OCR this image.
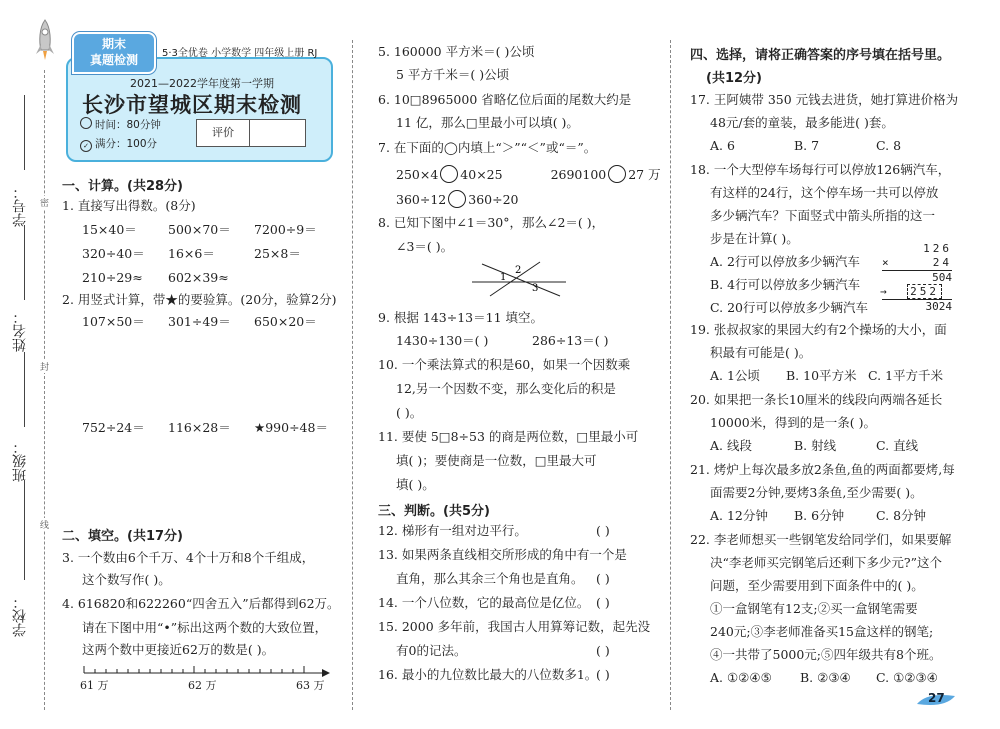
学号：
姓名：
班级：
学校：
密
封
线
期末
真题检测	5·3全优卷 小学数学 四年级上册 RJ
2021—2022学年度第一学期
长沙市望城区期末检测
时间：80分钟
✓ 满分：100分
评价
一、计算。(共28分)
1. 直接写出得数。(8分)
15×40＝ 500×70＝ 7200÷9＝
320÷40＝ 16×6＝	25×8＝
210÷29≈ 602×39≈
2. 用竖式计算，带★的要验算。(20分，验算2分)
107×50＝ 301÷49＝ 650×20＝
752÷24＝ 116×28＝ ★990÷48＝
二、填空。(共17分)
3. 一个数由6个千万、4个十万和8个千组成，
这个数写作( )。
4. 616820和622260“四舍五入”后都得到62万。
请在下图中用“•”标出这两个数的大致位置，
这两个数中更接近62万的数是( )。
61 万	62 万	63 万
5. 160000 平方米＝( )公顷
5 平方千米＝( )公顷
6. 10□8965000 省略亿位后面的尾数大约是
11 亿，那么□里最小可以填( )。
7. 在下面的◯内填上“＞”“＜”或“＝”。
250×4 40×25	2690100 27 万
360÷12 360÷20
8. 已知下图中∠1＝30°，那么∠2＝( )，
∠3＝( )。
1
2
3
9. 根据 143÷13＝11 填空。
1430÷130＝( )	286÷13＝( )
10. 一个乘法算式的积是60，如果一个因数乘
12,另一个因数不变，那么变化后的积是
( )。
11. 要使 5□8÷53 的商是两位数，□里最小可
填( )；要使商是一位数，□里最大可
填( )。
三、判断。(共5分)
12. 梯形有一组对边平行。	( )
13. 如果两条直线相交所形成的角中有一个是
直角，那么其余三个角也是直角。 ( )
14. 一个八位数，它的最高位是亿位。 ( )
15. 2000 多年前，我国古人用算筹记数，起先没
有0的记法。	( )
16. 最小的九位数比最大的八位数多1。
( )
四、选择，请将正确答案的序号填在括号里。
(共12分)
17. 王阿姨带 350 元钱去进货，她打算进价格为
48元/套的童装，最多能进( )套。
A. 6	B. 7	C. 8
18. 一个大型停车场每行可以停放126辆汽车，
有这样的24行，这个停车场一共可以停放
多少辆汽车？下面竖式中箭头所指的这一
步是在计算( )。
A. 2行可以停放多少辆汽车
B. 4行可以停放多少辆汽车
C. 20行可以停放多少辆汽车
126
×	24
504
→ 252
3024
19. 张叔叔家的果园大约有2个操场的大小，面
积最有可能是( )。
A. 1公顷 B. 10平方米 C. 1平方千米
20. 如果把一条长10厘米的线段向两端各延长
10000米，得到的是一条( )。
A. 线段	B. 射线	C. 直线
21. 烤炉上每次最多放2条鱼,鱼的两面都要烤,每
面需要2分钟,要烤3条鱼,至少需要( )。
A. 12分钟 B. 6分钟	C. 8分钟
22. 李老师想买一些钢笔发给同学们，如果要解
决“李老师买完钢笔后还剩下多少元?”这个
问题，至少需要用到下面条件中的( )。
①一盒钢笔有12支;②买一盒钢笔需要
240元;③李老师准备买15盒这样的钢笔;
④一共带了5000元;⑤四年级共有8个班。
A. ①②④⑤ B. ②③④ C. ①②③④
27
